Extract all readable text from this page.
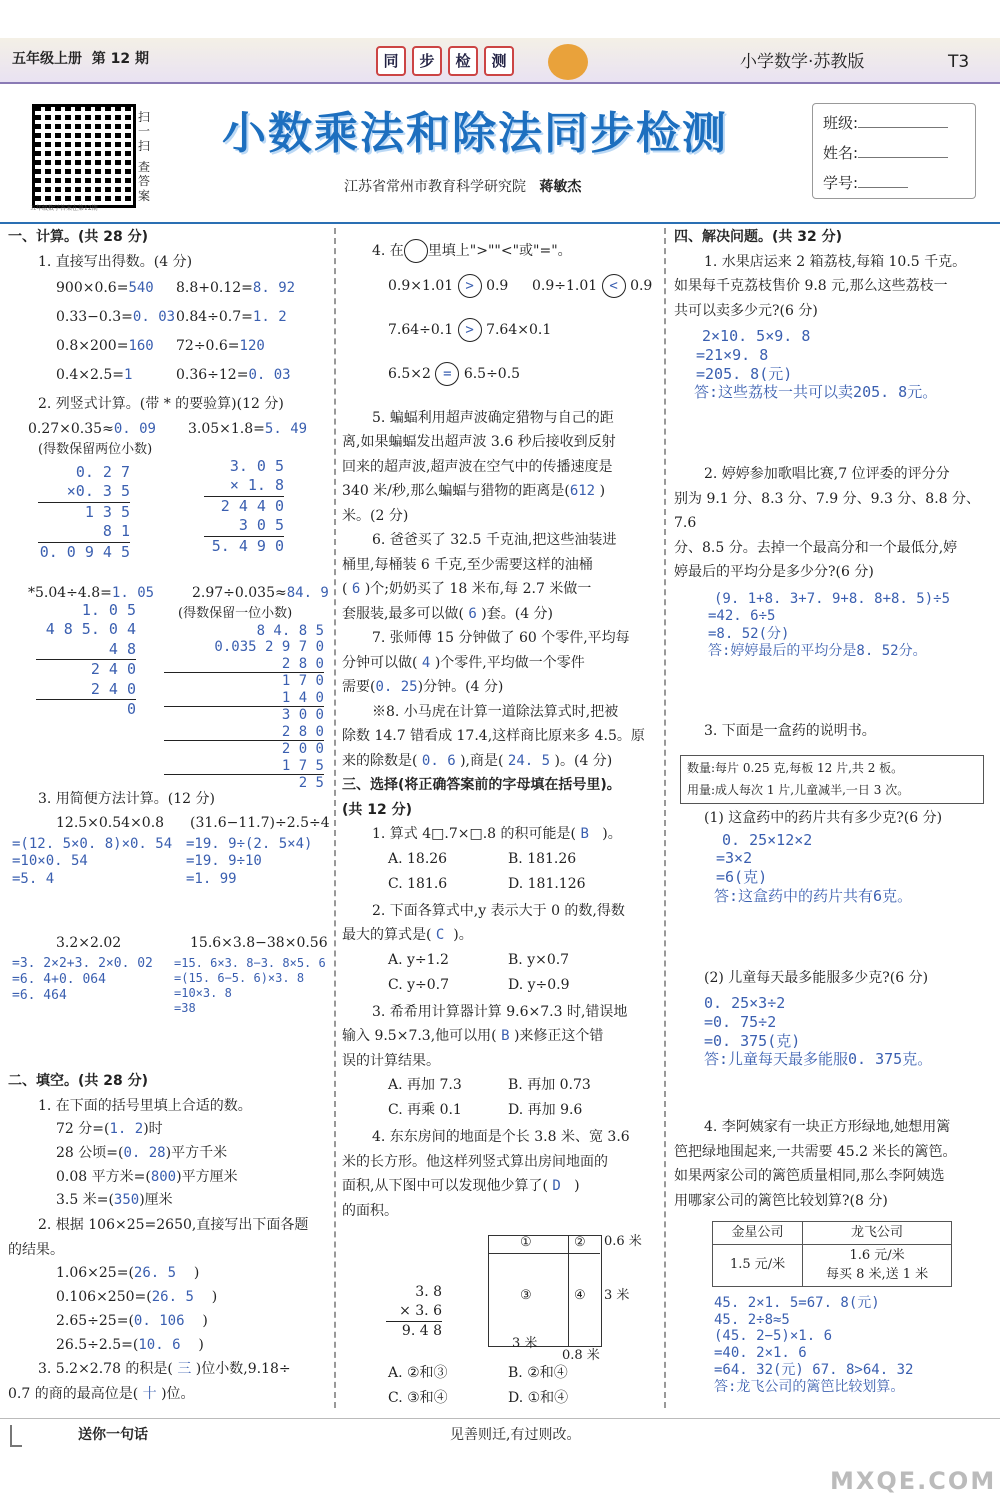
五年级上册 第 12 期	同 步 检 测	小学数学·苏教版	T3
扫一扫
查答案
五年级数学答案在第12期
小数乘法和除法同步检测
江苏省常州市教育科学研究院 蒋敏杰
班级:
姓名:
学号:
一、计算。(共 28 分)
1. 直接写出得数。(4 分)
900×0.6=540 8.8+0.12=8. 92
0.33−0.3=0. 03 0.84÷0.7=1. 2
0.8×200=160 72÷0.6=120
0.4×2.5=1	0.36÷12=0. 03
2. 列竖式计算。(带 * 的要验算)(12 分)
0.27×0.35≈0. 09 3.05×1.8=5. 49
(得数保留两位小数)
0. 2 7
×0. 3 5
1 3 5
8 1
0. 0 9 4 5
3. 0 5
× 1. 8
2 4 4 0
3 0 5
5. 4 9 0
*5.04÷4.8=1. 05	2.97÷0.035≈84. 9
(得数保留一位小数)
1. 0 5
4 8 5. 0 4
4 8
2 4 0
2 4 0
0
8 4. 8 5
0.035 2 9 7 0
2 8 0
1 7 0
1 4 0
3 0 0
2 8 0
2 0 0
1 7 5
2 5
3. 用简便方法计算。(12 分)
12.5×0.54×0.8
=(12. 5×0. 8)×0. 54
=10×0. 54
=5. 4
(31.6−11.7)÷2.5÷4
=19. 9÷(2. 5×4)
=19. 9÷10
=1. 99
3.2×2.02
=3. 2×2+3. 2×0. 02
=6. 4+0. 064
=6. 464
15.6×3.8−38×0.56
=15. 6×3. 8−3. 8×5. 6
=(15. 6−5. 6)×3. 8
=10×3. 8
=38
二、填空。(共 28 分)
1. 在下面的括号里填上合适的数。
72 分=(1. 2)时
28 公顷=(0. 28)平方千米
0.08 平方米=(800)平方厘米
3.5 米=(350)厘米
2. 根据 106×25=2650,直接写出下面各题
的结果。
1.06×25=(26. 5 )
0.106×250=(26. 5 )
2.65÷25=(0. 106 )
26.5÷2.5=(10. 6 )
3. 5.2×2.78 的积是( 三 )位小数,9.18÷
0.7 的商的最高位是( 十 )位。
4. 在 里填上">""<"或"="。
0.9×1.01 > 0.9 0.9÷1.01 < 0.9
7.64÷0.1 > 7.64×0.1
6.5×2 = 6.5÷0.5
5. 蝙蝠利用超声波确定猎物与自己的距
离,如果蝙蝠发出超声波 3.6 秒后接收到反射
回来的超声波,超声波在空气中的传播速度是
340 米/秒,那么蝙蝠与猎物的距离是(612 )
米。(2 分)
6. 爸爸买了 32.5 千克油,把这些油装进
桶里,每桶装 6 千克,至少需要这样的油桶
( 6 )个;奶奶买了 18 米布,每 2.7 米做一
套服装,最多可以做( 6 )套。(4 分)
7. 张师傅 15 分钟做了 60 个零件,平均每
分钟可以做( 4 )个零件,平均做一个零件
需要(0. 25)分钟。(4 分)
※8. 小马虎在计算一道除法算式时,把被
除数 14.7 错看成 17.4,这样商比原来多 4.5。原
来的除数是( 0. 6 ),商是( 24. 5 )。(4 分)
三、选择(将正确答案前的字母填在括号里)。
(共 12 分)
1. 算式 4□.7×□.8 的积可能是( B   )。
A. 18.26	B. 181.26
C. 181.6	D. 181.126
2. 下面各算式中,y 表示大于 0 的数,得数
最大的算式是( C  )。
A. y÷1.2	B. y×0.7
C. y÷0.7	D. y÷0.9
3. 希希用计算器计算 9.6×7.3 时,错误地
输入 9.5×7.3,他可以用( B )来修正这个错
误的计算结果。
A. 再加 7.3	B. 再加 0.73
C. 再乘 0.1	D. 再加 9.6
4. 东东房间的地面是个长 3.8 米、宽 3.6
米的长方形。他这样列竖式算出房间地面的
面积,从下图中可以发现他少算了( D )
的面积。
①	②
③	④
0.6 米
3 米
3 米
0.8 米
3. 8
× 3. 6
9. 4 8
A. ②和③	B. ②和④
C. ③和④	D. ①和④
四、解决问题。(共 32 分)
1. 水果店运来 2 箱荔枝,每箱 10.5 千克。
如果每千克荔枝售价 9.8 元,那么这些荔枝一
共可以卖多少元?(6 分)
2×10. 5×9. 8
=21×9. 8
=205. 8(元)
答:这些荔枝一共可以卖205. 8元。
2. 婷婷参加歌唱比赛,7 位评委的评分分
别为 9.1 分、8.3 分、7.9 分、9.3 分、8.8 分、7.6
分、8.5 分。去掉一个最高分和一个最低分,婷
婷最后的平均分是多少分?(6 分)
(9. 1+8. 3+7. 9+8. 8+8. 5)÷5
=42. 6÷5
=8. 52(分)
答:婷婷最后的平均分是8. 52分。
3. 下面是一盒药的说明书。
数量:每片 0.25 克,每板 12 片,共 2 板。
用量:成人每次 1 片,儿童减半,一日 3 次。
(1) 这盒药中的药片共有多少克?(6 分)
0. 25×12×2
=3×2
=6(克)
答:这盒药中的药片共有6克。
(2) 儿童每天最多能服多少克?(6 分)
0. 25×3÷2
=0. 75÷2
=0. 375(克)
答:儿童每天最多能服0. 375克。
4. 李阿姨家有一块正方形绿地,她想用篱
笆把绿地围起来,一共需要 45.2 米长的篱笆。
如果两家公司的篱笆质量相同,那么李阿姨选
用哪家公司的篱笆比较划算?(8 分)
金星公司	龙飞公司
1.5 元/米	1.6 元/米
每买 8 米,送 1 米
45. 2×1. 5=67. 8(元)
45. 2÷8≈5
(45. 2−5)×1. 6
=40. 2×1. 6
=64. 32(元) 67. 8>64. 32
答:龙飞公司的篱笆比较划算。
送你一句话	见善则迁,有过则改。
MXQE.COM
